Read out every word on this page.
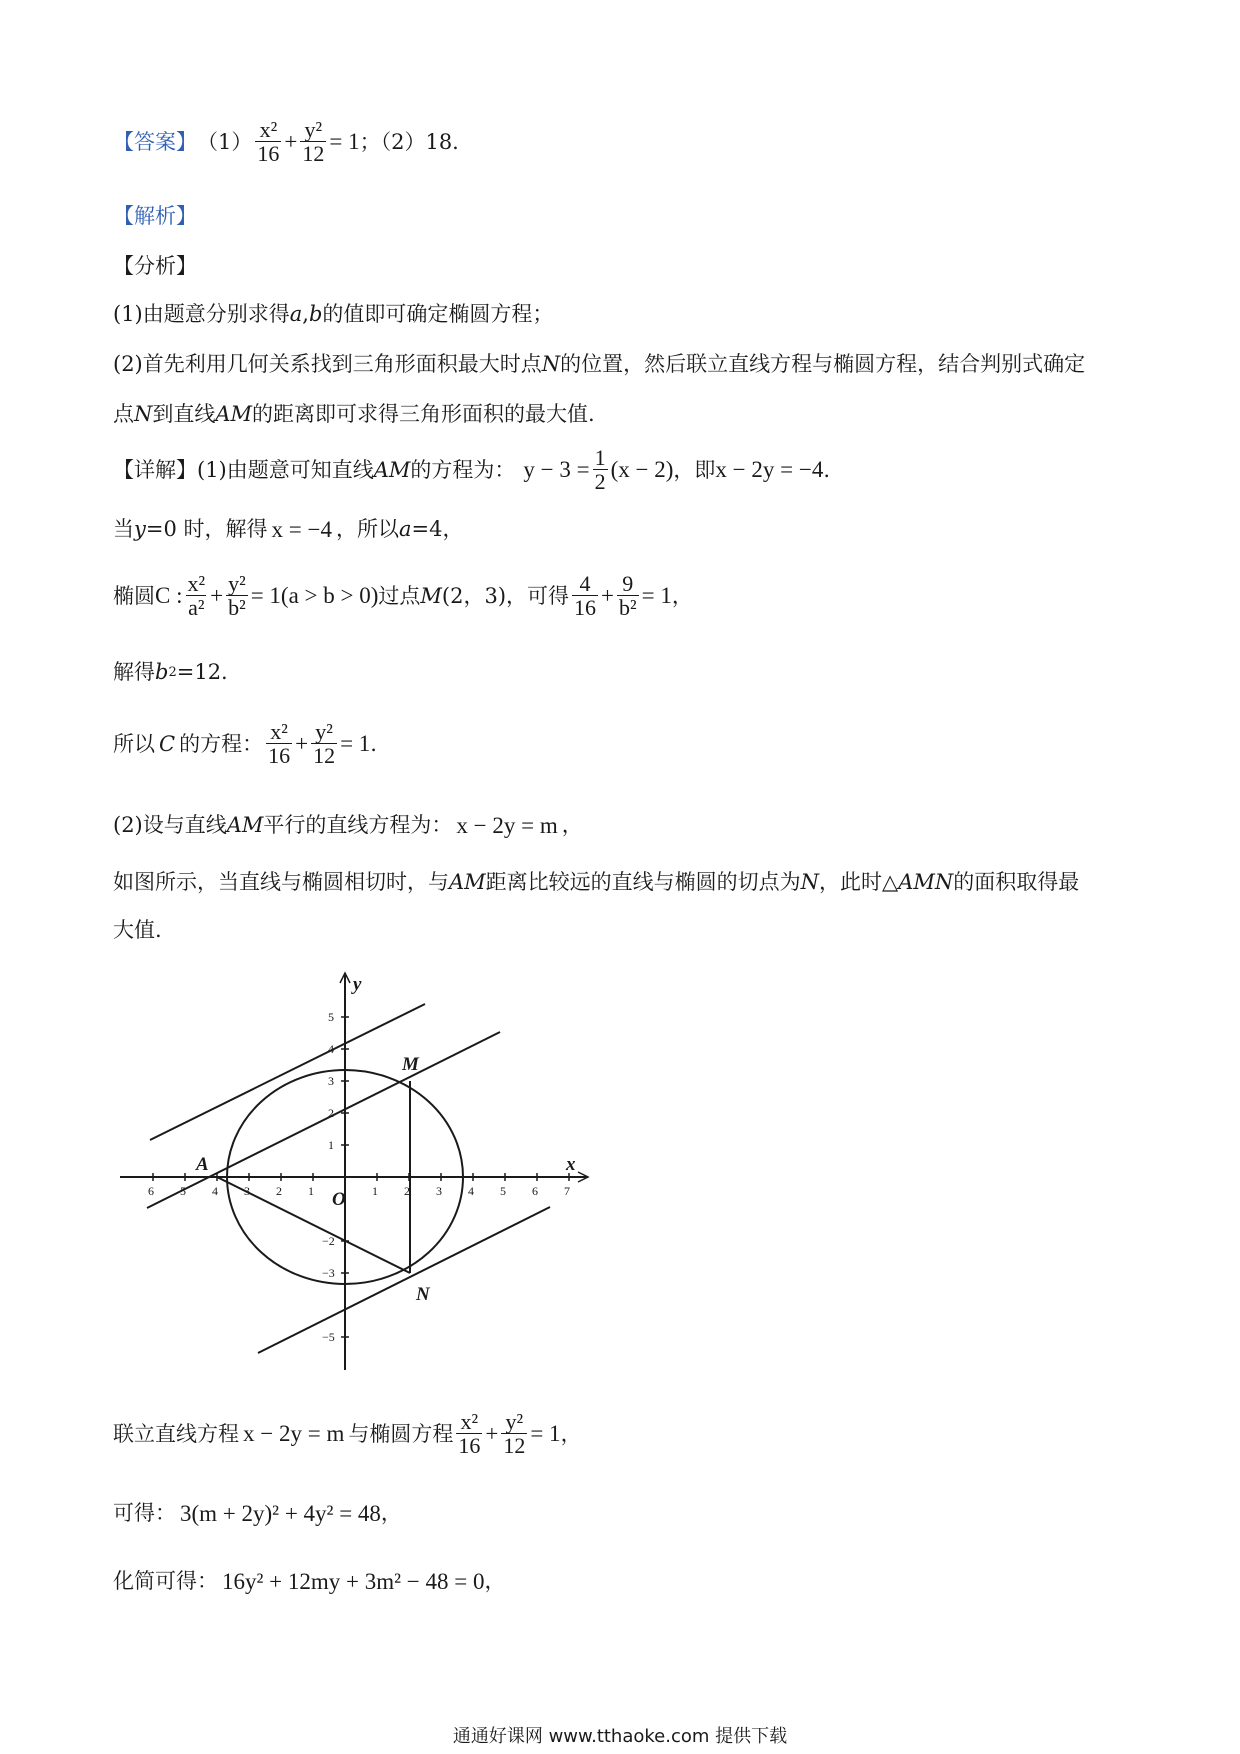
【答案】 $(1) \frac{\text{x²}}{16} + \frac{\text{y²}}{12} = 1$ ；（2）18.
【解析】
【分析】
(1)由题意分别求得 a , b 的值即可确定椭圆方程；
(2)首先利用几何关系找到三角形面积最大时点 N 的位置，然后联立直线方程与椭圆方程，结合判别式确定
点 N 到直线 AM 的距离即可求得三角形面积的最大值.
【详解】 (1)由题意可知直线 AM 的方程为： $y - 3 = \frac{1}{2} (x - 2)$ ，即 x − 2y = −4 .
当 y =0 时，解得 x = −4 ，所以 a =4，
椭圆 C : $\frac{\text{x²}}{\text{a²}} + \frac{\text{y²}}{\text{b²}} = 1(a > b > 0)$ 过点 M (2，3)，可得 $\frac{4}{16} + \frac{9}{\text{b²}} = 1$ ，
解得 b 2 =12.
所以 C 的方程： $\frac{\text{x²}}{16} + \frac{\text{y²}}{12} = 1$ .
(2)设与直线 AM 平行的直线方程为： x − 2y = m ，
如图所示，当直线与椭圆相切时，与 AM 距离比较远的直线与椭圆的切点为 N ，此时△ AMN 的面积取得最
大值.
6 5 4 3 2 1	1 2 3 4 5 6 7
5
4
3
2
1
−2
−3
−5
x
y
O
A
M
N
联立直线方程 x − 2y = m 与椭圆方程 $\frac{\text{x²}}{16} + \frac{\text{y²}}{12} = 1$ ，
可得： 3(m + 2y)² + 4y² = 48 ，
化简可得： 16y² + 12my + 3m² − 48 = 0 ，
通通好课网 www.tthaoke.com 提供下载
